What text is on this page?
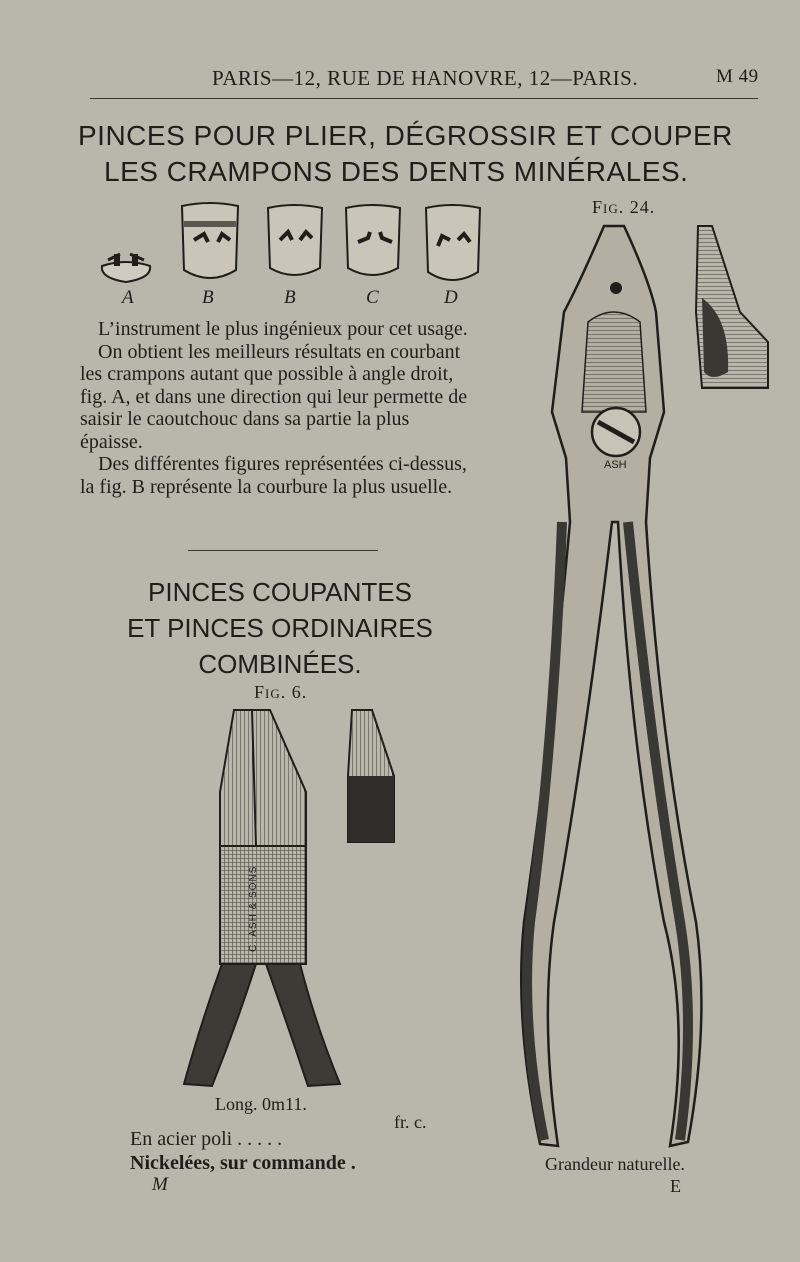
PARIS—12, RUE DE HANOVRE, 12—PARIS.	M 49
PINCES POUR PLIER, DÉGROSSIR ET COUPER
LES CRAMPONS DES DENTS MINÉRALES.
A	B	B	C	D
Fig. 24.

L’instrument le plus ingénieux pour cet usage.

On obtient les meilleurs résultats en courbant les crampons autant que possible à angle droit, fig. A, et dans une direction qui leur permette de saisir le caoutchouc dans sa partie la plus épaisse.

Des différentes figures représentées ci-dessus, la fig. B représente la courbure la plus usuelle.

PINCES COUPANTES
ET PINCES ORDINAIRES
COMBINÉES.
Fig. 6.
C. ASH & SONS
Long. 0m11.
fr. c.
En acier poli . . . . .
Nickelées, sur commande .
M
ASH
Grandeur naturelle.
E
